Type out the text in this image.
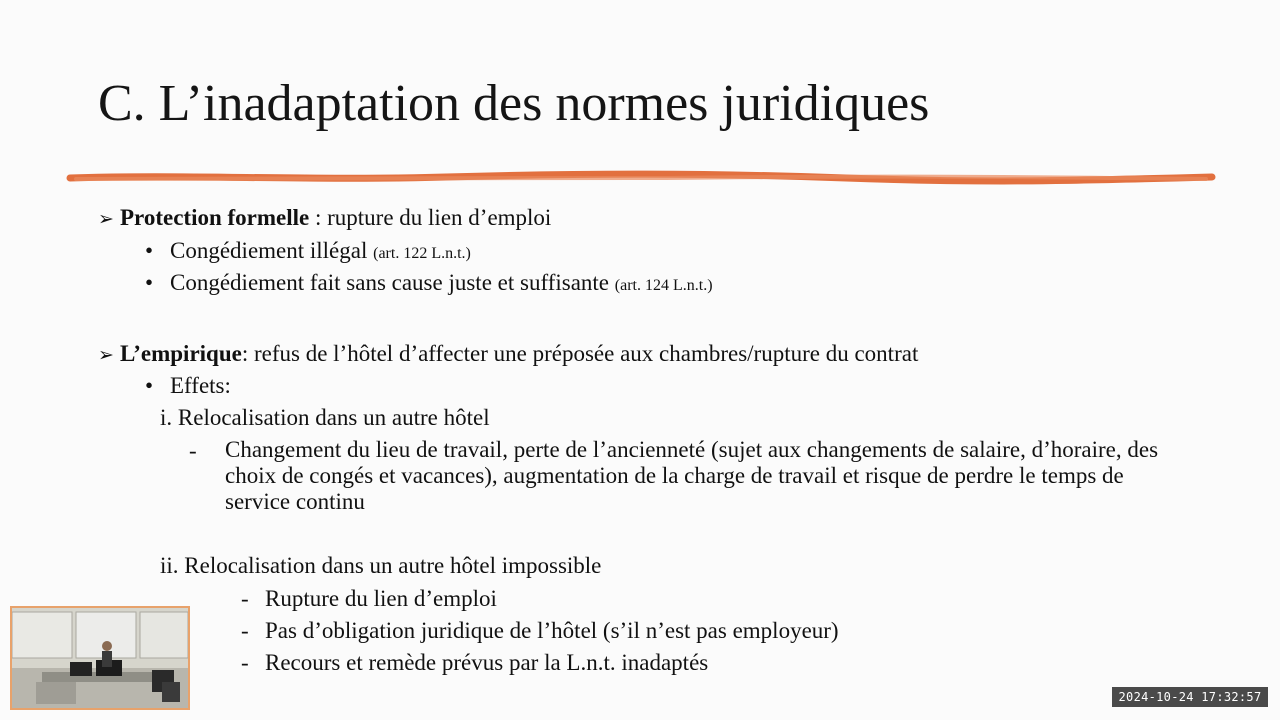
C. L’inadaptation des normes juridiques
➢ Protection formelle : rupture du lien d’emploi
• Congédiement illégal (art. 122 L.n.t.)
• Congédiement fait sans cause juste et suffisante (art. 124 L.n.t.)
➢ L’empirique: refus de l’hôtel d’affecter une préposée aux chambres/rupture du contrat
• Effets:
i. Relocalisation dans un autre hôtel
- Changement du lieu de travail, perte de l’ancienneté (sujet aux changements de salaire, d’horaire, des choix de congés et vacances), augmentation de la charge de travail et risque de perdre le temps de service continu
ii. Relocalisation dans un autre hôtel impossible
- Rupture du lien d’emploi
- Pas d’obligation juridique de l’hôtel (s’il n’est pas employeur)
- Recours et remède prévus par la L.n.t. inadaptés
2024-10-24 17:32:57
